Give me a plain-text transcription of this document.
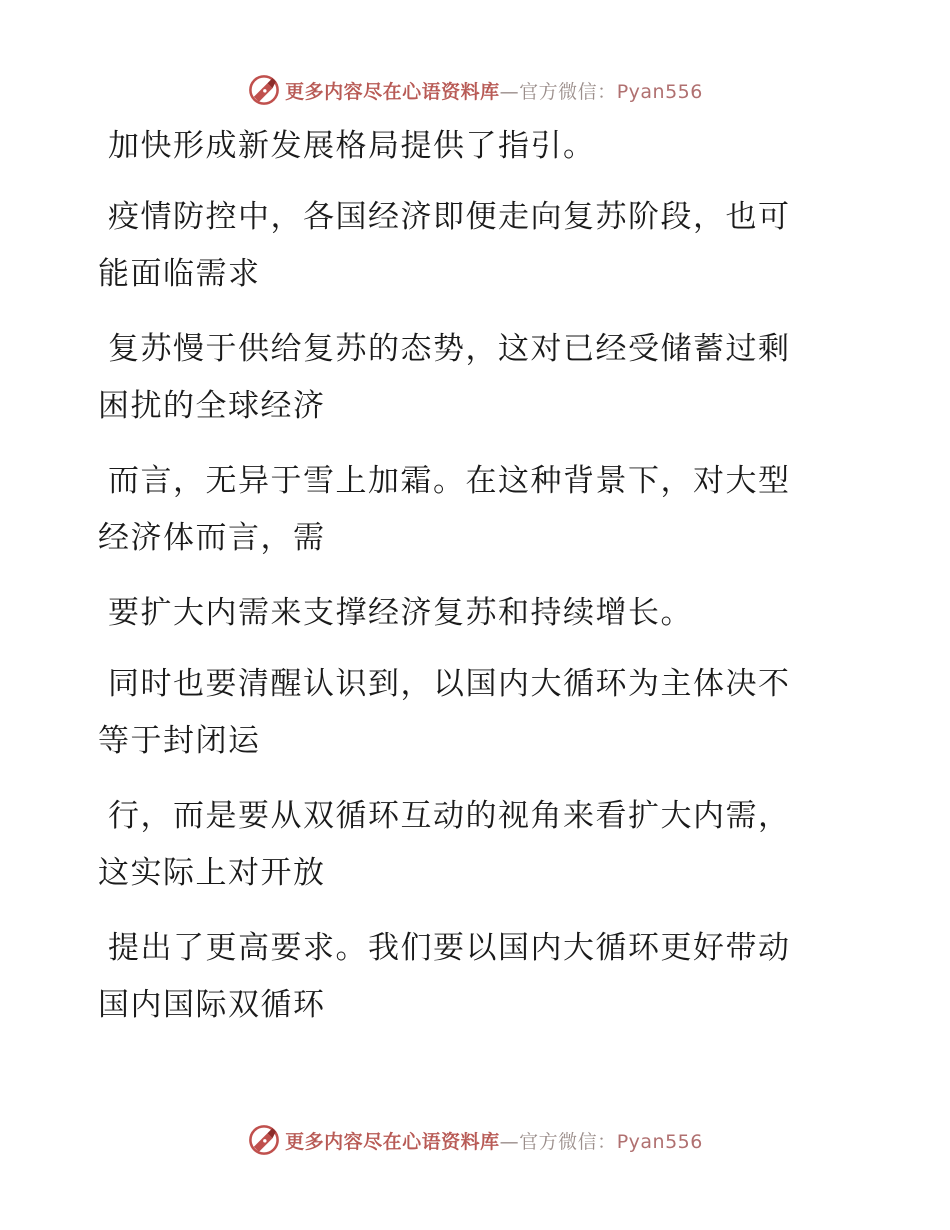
更多内容尽在心语资料库—官方微信：Pyan556

加快形成新发展格局提供了指引。

疫情防控中，各国经济即便走向复苏阶段，也可
能面临需求

复苏慢于供给复苏的态势，这对已经受储蓄过剩
困扰的全球经济

而言，无异于雪上加霜。在这种背景下，对大型
经济体而言，需

要扩大内需来支撑经济复苏和持续增长。

同时也要清醒认识到，以国内大循环为主体决不
等于封闭运

行，而是要从双循环互动的视角来看扩大内需，
这实际上对开放

提出了更高要求。我们要以国内大循环更好带动
国内国际双循环

更多内容尽在心语资料库—官方微信：Pyan556
